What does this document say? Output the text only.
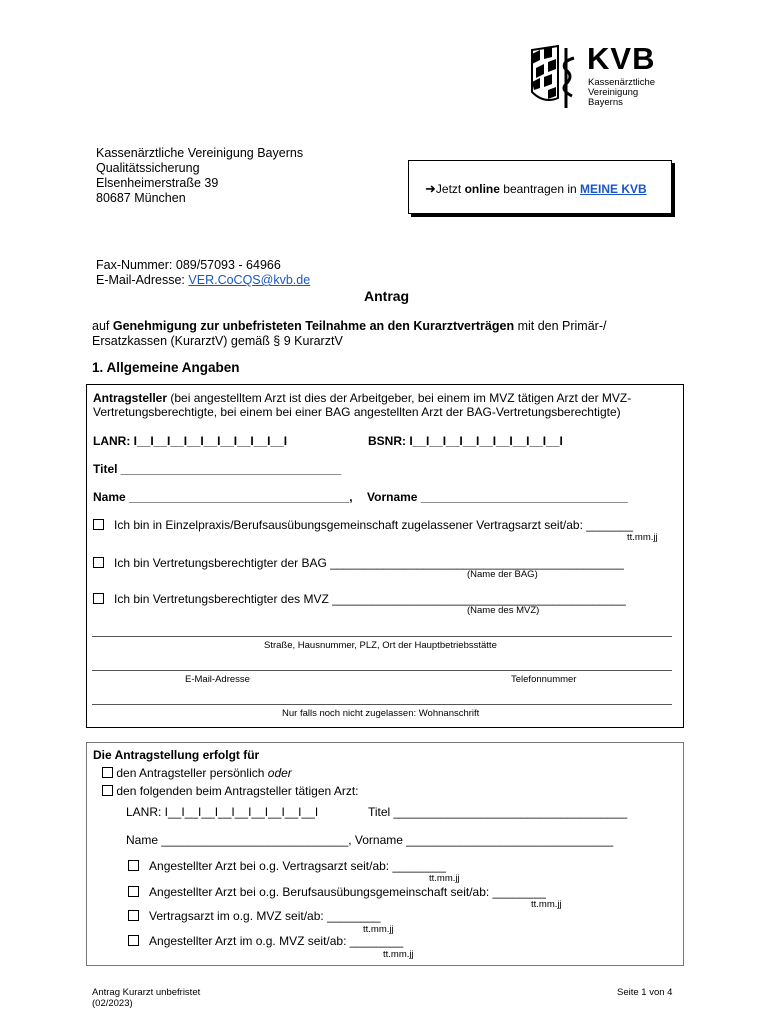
KVB
Kassenärztliche
Vereinigung
Bayerns
Kassenärztliche Vereinigung Bayerns
Qualitätssicherung
Elsenheimerstraße 39
80687 München
➜Jetzt online beantragen in MEINE KVB
Fax-Nummer: 089/57093 - 64966
E-Mail-Adresse: VER.CoCQS@kvb.de
Antrag
auf Genehmigung zur unbefristeten Teilnahme an den Kurarztverträgen mit den Primär-/
Ersatzkassen (KurarztV) gemäß § 9 KurarztV
1. Allgemeine Angaben
Antragsteller (bei angestelltem Arzt ist dies der Arbeitgeber, bei einem im MVZ tätigen Arzt der MVZ-
Vertretungsberechtigte, bei einem bei einer BAG angestellten Arzt der BAG-Vertretungsberechtigte)
LANR: I__I__I__I__I__I__I__I__I__I	BSNR: I__I__I__I__I__I__I__I__I__I
Titel _________________________________
Name _________________________________, Vorname _______________________________
Ich bin in Einzelpraxis/Berufsausübungsgemeinschaft zugelassener Vertragsarzt seit/ab: _______
tt.mm.jj
Ich bin Vertretungsberechtigter der BAG ____________________________________________
(Name der BAG)
Ich bin Vertretungsberechtigter des MVZ ____________________________________________
(Name des MVZ)
Straße, Hausnummer, PLZ, Ort der Hauptbetriebsstätte
E-Mail-Adresse	Telefonnummer
Nur falls noch nicht zugelassen: Wohnanschrift
Die Antragstellung erfolgt für
den Antragsteller persönlich oder
den folgenden beim Antragsteller tätigen Arzt:
LANR: I__I__I__I__I__I__I__I__I__I	Titel ___________________________________
Name ____________________________, Vorname _______________________________
Angestellter Arzt bei o.g. Vertragsarzt seit/ab: ________
tt.mm.jj
Angestellter Arzt bei o.g. Berufsausübungsgemeinschaft seit/ab: ________
tt.mm.jj
Vertragsarzt im o.g. MVZ seit/ab: ________
tt.mm.jj
Angestellter Arzt im o.g. MVZ seit/ab: ________
tt.mm.jj
Antrag Kurarzt unbefristet
(02/2023)
Seite 1 von 4
